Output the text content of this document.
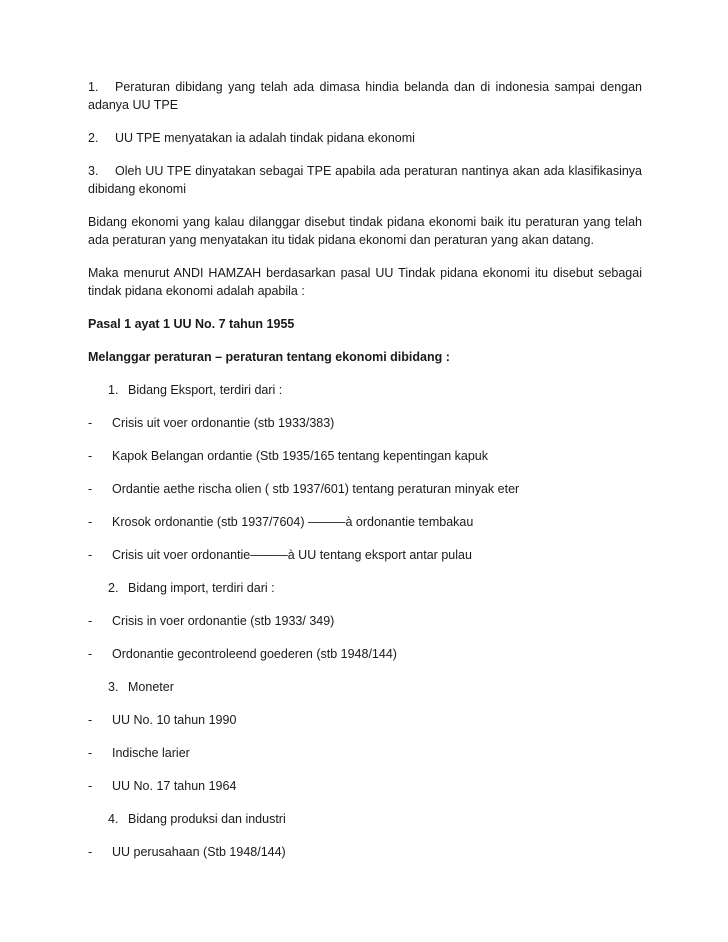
1. Peraturan dibidang yang telah ada dimasa hindia belanda dan di indonesia sampai dengan adanya UU TPE

2. UU TPE menyatakan ia adalah tindak pidana ekonomi

3. Oleh UU TPE dinyatakan sebagai TPE apabila ada peraturan nantinya akan ada klasifikasinya dibidang ekonomi

Bidang ekonomi yang kalau dilanggar disebut tindak pidana ekonomi baik itu peraturan yang telah ada peraturan yang menyatakan itu tidak pidana ekonomi dan peraturan yang akan datang.

Maka menurut ANDI HAMZAH berdasarkan pasal UU Tindak pidana ekonomi itu disebut sebagai tindak pidana ekonomi adalah apabila :

Pasal 1 ayat 1 UU No. 7 tahun 1955

Melanggar peraturan – peraturan tentang ekonomi dibidang :

1. Bidang Eksport, terdiri dari :
-	Crisis uit voer ordonantie (stb 1933/383)
-	Kapok Belangan ordantie (Stb 1935/165 tentang kepentingan kapuk
-	Ordantie aethe rischa olien ( stb 1937/601) tentang peraturan minyak eter
-	Krosok ordonantie (stb 1937/7604) ———à ordonantie tembakau
-	Crisis uit voer ordonantie———à UU tentang eksport antar pulau
2. Bidang import, terdiri dari :
-	Crisis in voer ordonantie (stb 1933/ 349)
-	Ordonantie gecontroleend goederen (stb 1948/144)
3. Moneter
-	UU No. 10 tahun 1990
-	Indische larier
-	UU No. 17 tahun 1964
4. Bidang produksi dan industri
-	UU perusahaan (Stb 1948/144)
